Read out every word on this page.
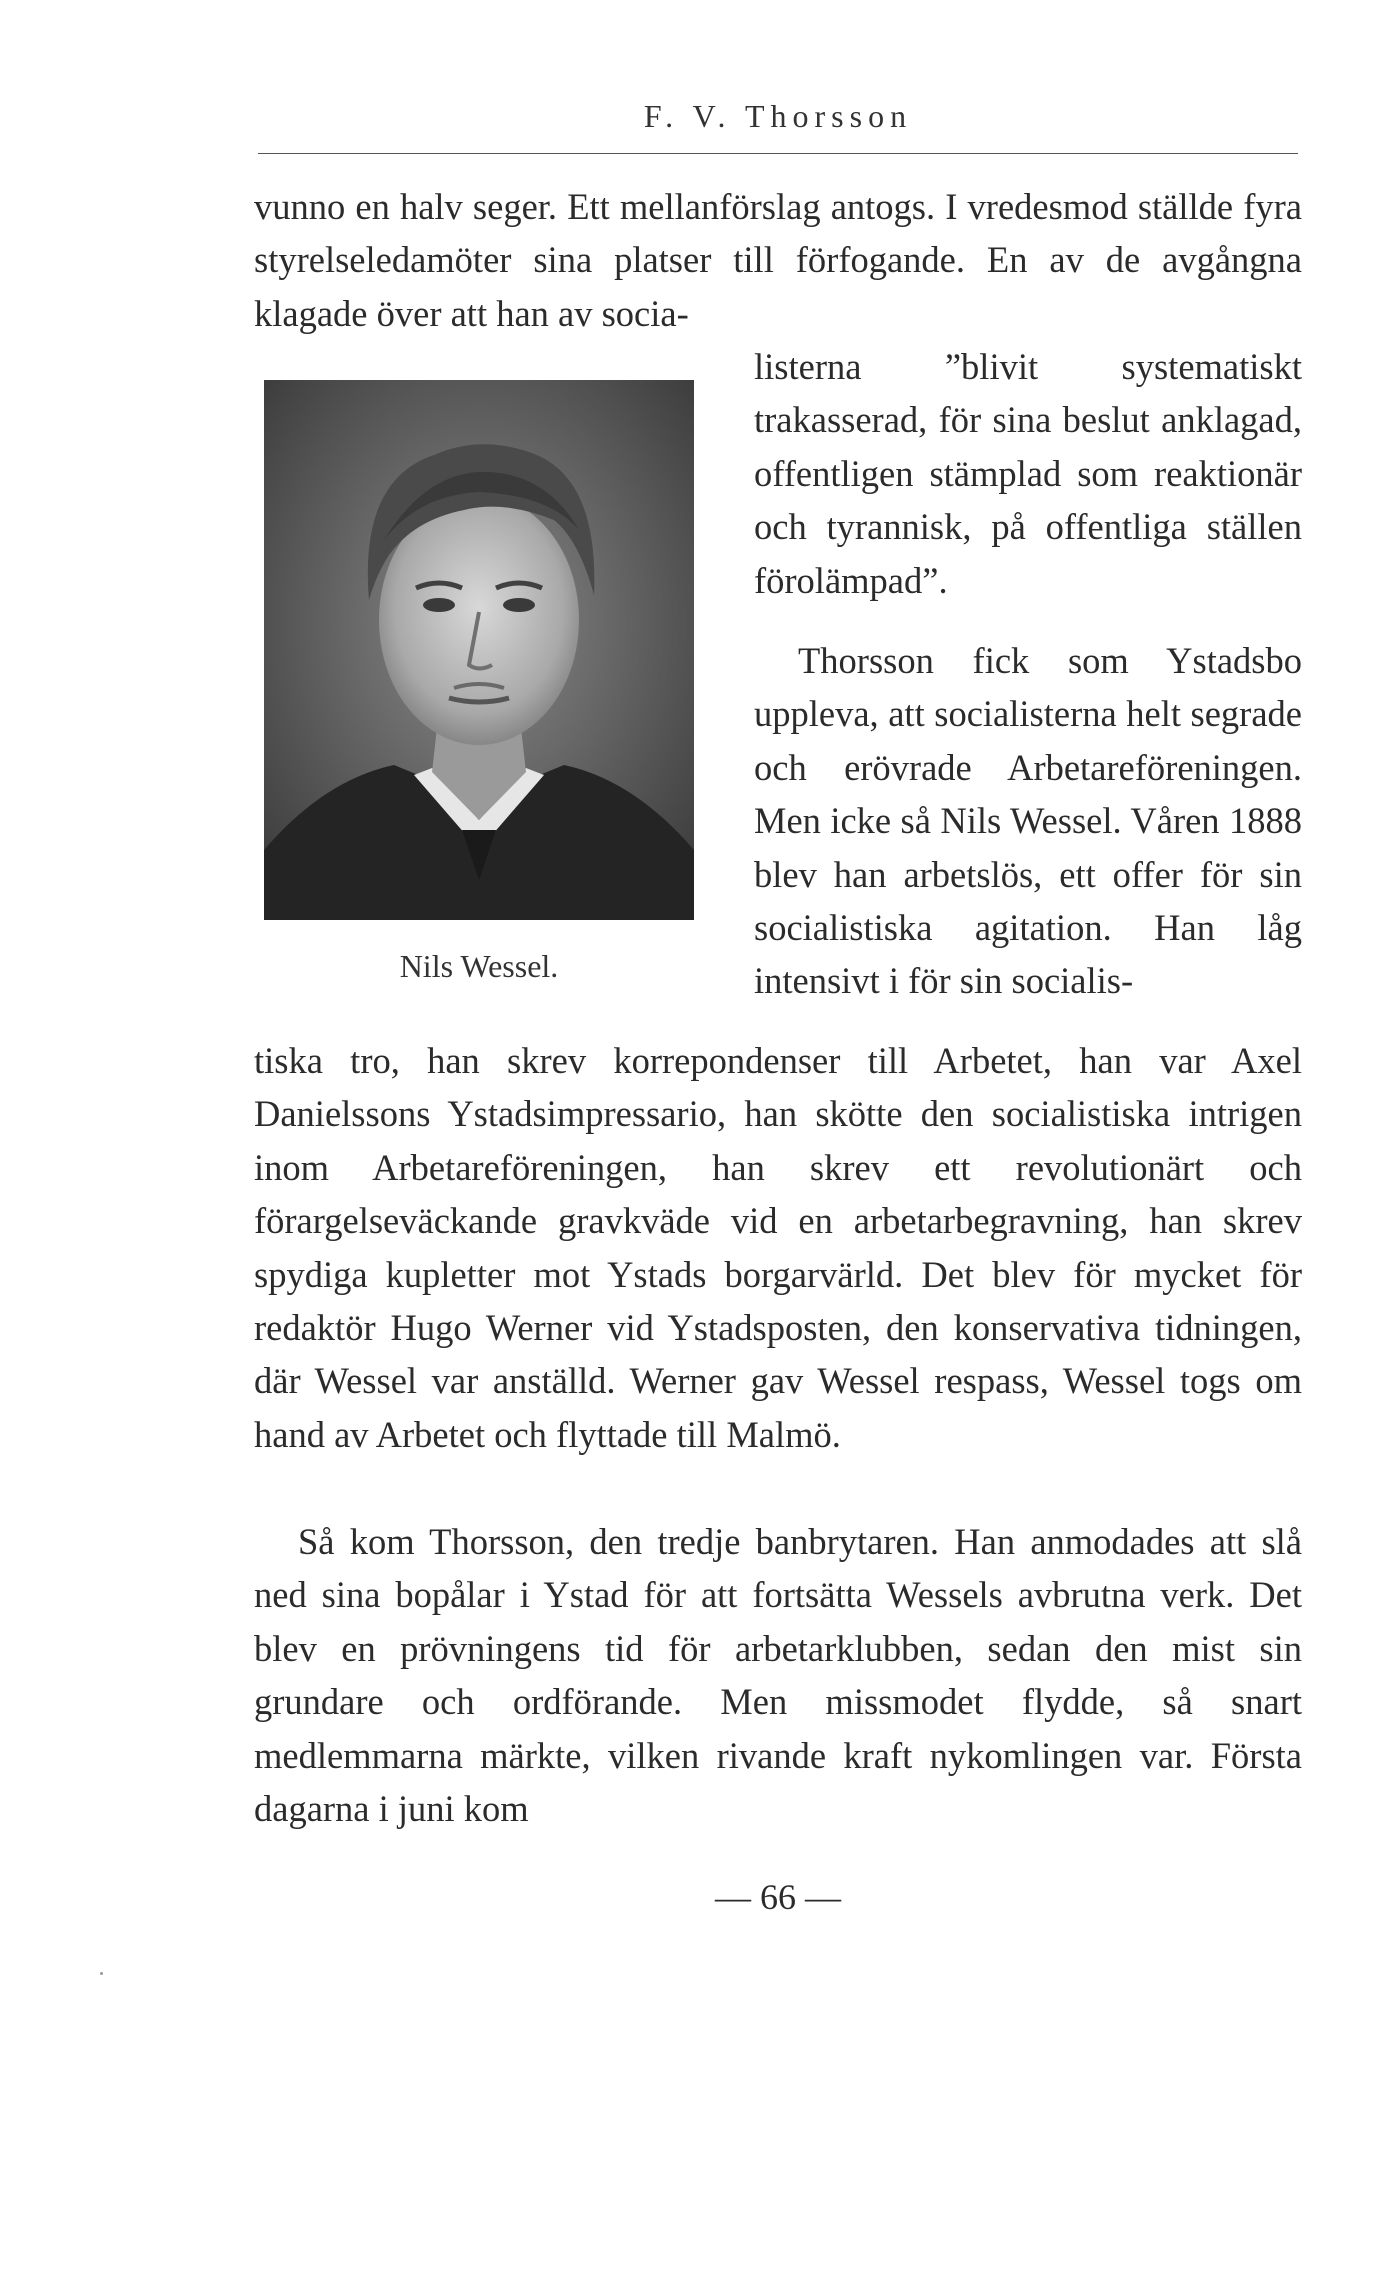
F. V. Thorsson

vunno en halv seger. Ett mellanförslag antogs. I vredesmod ställde fyra styrelseledamöter sina platser till förfogande. En av de avgångna klagade över att han av socia-

Nils Wessel.

listerna ”blivit systematiskt trakasserad, för sina beslut anklagad, offentligen stämplad som reaktionär och tyrannisk, på offentliga ställen förolämpad”.

Thorsson fick som Ystadsbo uppleva, att socialisterna helt segrade och erövrade Arbetareföreningen. Men icke så Nils Wessel. Våren 1888 blev han arbetslös, ett offer för sin socialistiska agitation. Han låg intensivt i för sin socialis-

tiska tro, han skrev korrepondenser till Arbetet, han var Axel Danielssons Ystadsimpressario, han skötte den socialistiska intrigen inom Arbetareföreningen, han skrev ett revolutionärt och förargelseväckande gravkväde vid en arbetarbegravning, han skrev spydiga kupletter mot Ystads borgarvärld. Det blev för mycket för redaktör Hugo Werner vid Ystadsposten, den konservativa tidningen, där Wessel var anställd. Werner gav Wessel respass, Wessel togs om hand av Arbetet och flyttade till Malmö.

Så kom Thorsson, den tredje banbrytaren. Han anmodades att slå ned sina bopålar i Ystad för att fortsätta Wessels avbrutna verk. Det blev en prövningens tid för arbetarklubben, sedan den mist sin grundare och ordförande. Men missmodet flydde, så snart medlemmarna märkte, vilken rivande kraft nykomlingen var. Första dagarna i juni kom

— 66 —
